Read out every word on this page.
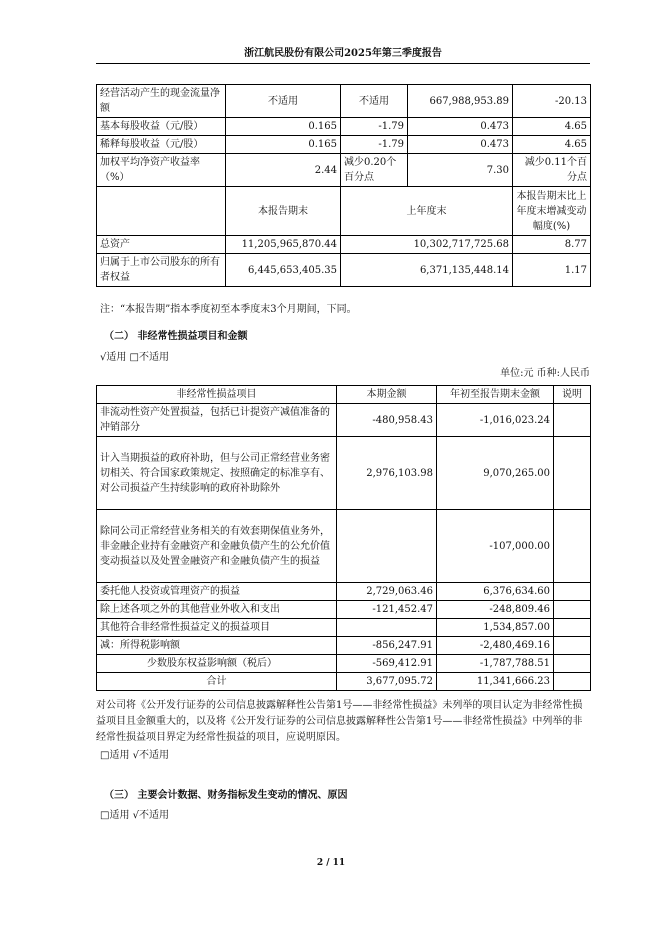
浙江航民股份有限公司2025年第三季度报告
经营活动产生的现金流量净额	不适用	不适用	667,988,953.89	-20.13
基本每股收益（元/股）	0.165	-1.79	0.473	4.65
稀释每股收益（元/股）	0.165	-1.79	0.473	4.65
加权平均净资产收益率（%）	2.44	减少0.20个百分点	7.30	减少0.11个百分点
	本报告期末	上年度末		本报告期末比上年度末增减变动幅度(%)
总资产	11,205,965,870.44	10,302,717,725.68		8.77
归属于上市公司股东的所有者权益	6,445,653,405.35	6,371,135,448.14		1.17
注：“本报告期”指本季度初至本季度末3个月期间，下同。
（二） 非经常性损益项目和金额
√适用 □不适用
单位:元 币种:人民币
非经常性损益项目	本期金额	年初至报告期末金额	说明
非流动性资产处置损益，包括已计提资产减值准备的冲销部分	-480,958.43	-1,016,023.24	
计入当期损益的政府补助，但与公司正常经营业务密切相关、符合国家政策规定、按照确定的标准享有、对公司损益产生持续影响的政府补助除外	2,976,103.98	9,070,265.00	
除同公司正常经营业务相关的有效套期保值业务外，非金融企业持有金融资产和金融负债产生的公允价值变动损益以及处置金融资产和金融负债产生的损益		-107,000.00	
委托他人投资或管理资产的损益	2,729,063.46	6,376,634.60	
除上述各项之外的其他营业外收入和支出	-121,452.47	-248,809.46	
其他符合非经常性损益定义的损益项目		1,534,857.00	
减：所得税影响额	-856,247.91	-2,480,469.16	
少数股东权益影响额（税后）	-569,412.91	-1,787,788.51	
合计	3,677,095.72	11,341,666.23	
对公司将《公开发行证券的公司信息披露解释性公告第1号——非经常性损益》未列举的项目认定为非经常性损益项目且金额重大的，以及将《公开发行证券的公司信息披露解释性公告第1号——非经常性损益》中列举的非经常性损益项目界定为经常性损益的项目，应说明原因。
□适用 √不适用
（三） 主要会计数据、财务指标发生变动的情况、原因
□适用 √不适用
2 / 11
